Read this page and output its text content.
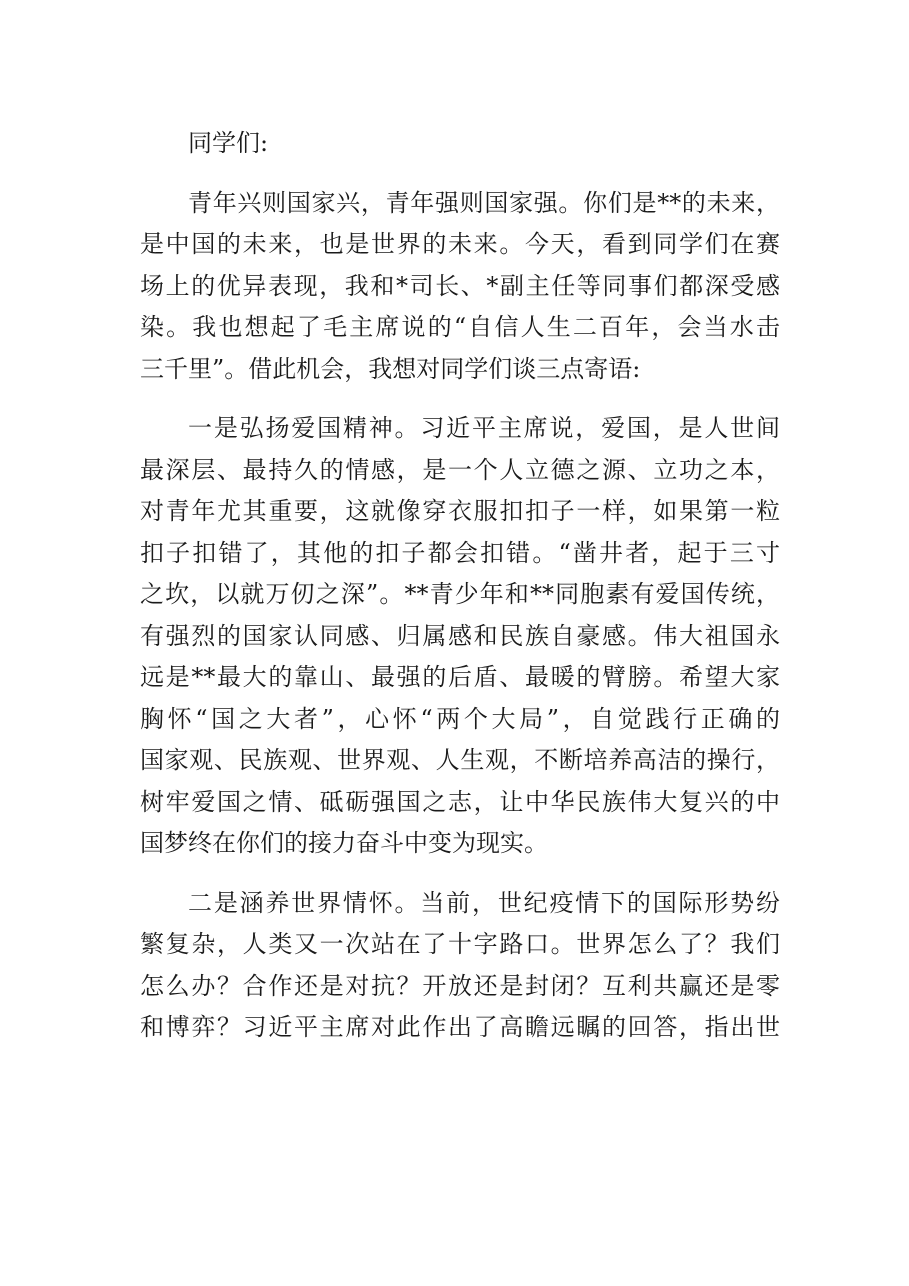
同学们:
青年兴则国家兴，青年强则国家强。你们是**的未来，
是中国的未来，也是世界的未来。今天，看到同学们在赛
场上的优异表现，我和*司长、*副主任等同事们都深受感
染。我也想起了毛主席说的“自信人生二百年，会当水击
三千里”。借此机会，我想对同学们谈三点寄语:
一是弘扬爱国精神。习近平主席说，爱国，是人世间
最深层、最持久的情感，是一个人立德之源、立功之本，
对青年尤其重要，这就像穿衣服扣扣子一样，如果第一粒
扣子扣错了，其他的扣子都会扣错。“凿井者，起于三寸
之坎，以就万仞之深”。**青少年和**同胞素有爱国传统，
有强烈的国家认同感、归属感和民族自豪感。伟大祖国永
远是**最大的靠山、最强的后盾、最暖的臂膀。希望大家
胸怀“国之大者”，心怀“两个大局”，自觉践行正确的
国家观、民族观、世界观、人生观，不断培养高洁的操行，
树牢爱国之情、砥砺强国之志，让中华民族伟大复兴的中
国梦终在你们的接力奋斗中变为现实。
二是涵养世界情怀。当前，世纪疫情下的国际形势纷
繁复杂，人类又一次站在了十字路口。世界怎么了？我们
怎么办？合作还是对抗？开放还是封闭？互利共赢还是零
和博弈？习近平主席对此作出了高瞻远瞩的回答，指出世
